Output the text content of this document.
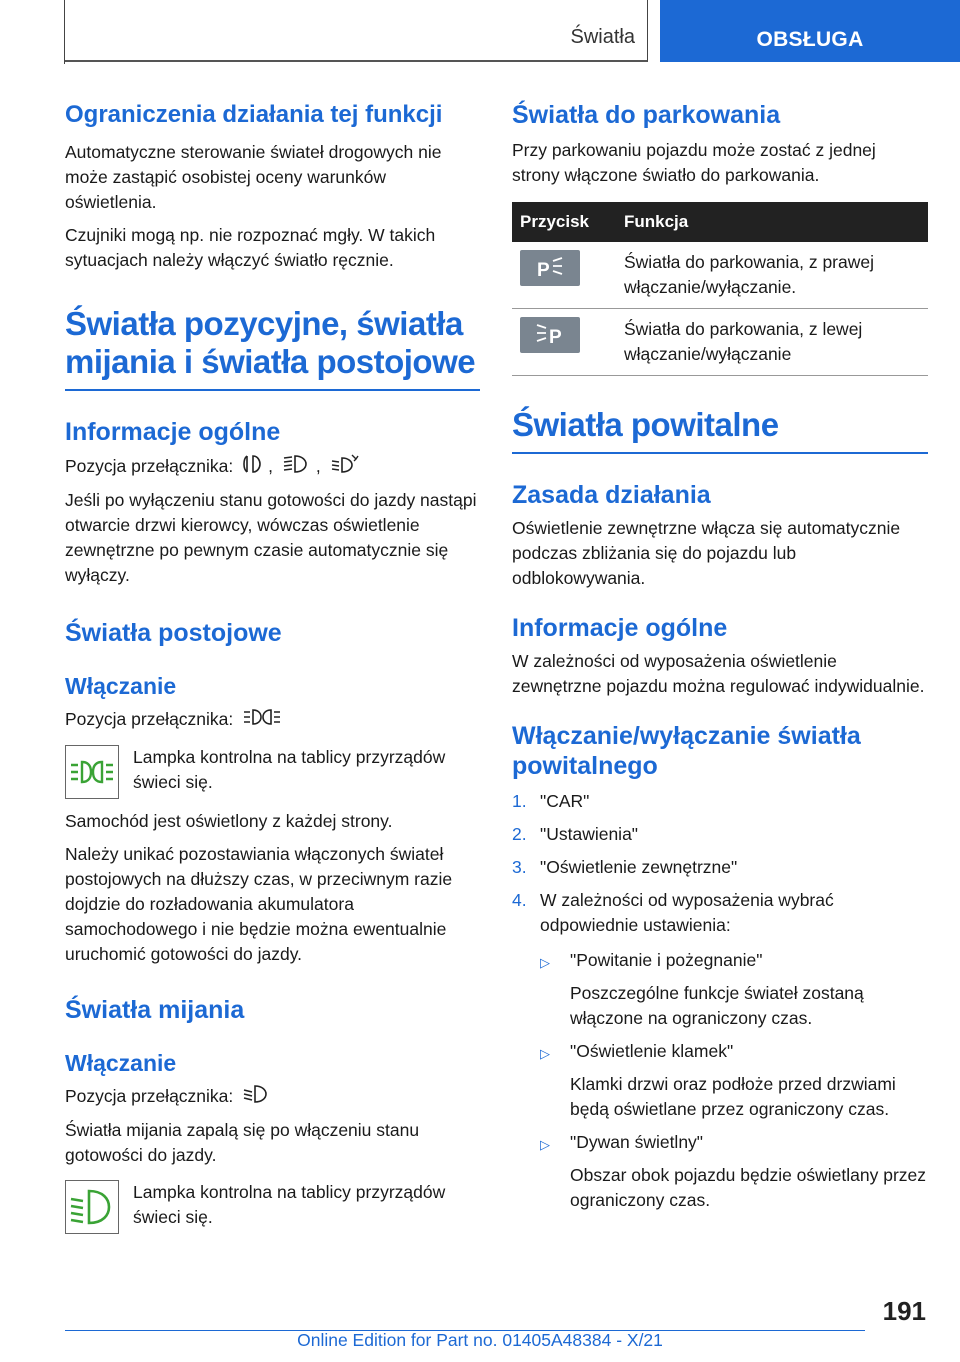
Światła	OBSŁUGA
Ograniczenia działania tej funkcji

Automatyczne sterowanie świateł drogowych nie może zastąpić osobistej oceny warunków oświetlenia.

Czujniki mogą np. nie rozpoznać mgły. W takich sytuacjach należy włączyć światło ręcznie.

Światła pozycyjne, światła mijania i światła postojowe
Informacje ogólne

Pozycja przełącznika: , ,

Jeśli po wyłączeniu stanu gotowości do jazdy nastąpi otwarcie drzwi kierowcy, wówczas oświetlenie zewnętrzne po pewnym czasie automatycznie się wyłączy.

Światła postojowe
Włączanie

Pozycja przełącznika:

Lampka kontrolna na tablicy przyrządów świeci się.

Samochód jest oświetlony z każdej strony.

Należy unikać pozostawiania włączonych świateł postojowych na dłuższy czas, w przeciwnym razie dojdzie do rozładowania akumulatora samochodowego i nie będzie można ewentualnie uruchomić gotowości do jazdy.

Światła mijania
Włączanie

Pozycja przełącznika:

Światła mijania zapalą się po włączeniu stanu gotowości do jazdy.

Lampka kontrolna na tablicy przyrządów świeci się.
Światła do parkowania

Przy parkowaniu pojazdu może zostać z jednej strony włączone światło do parkowania.

Przycisk	Funkcja

P	Światła do parkowania, z prawej włączanie/wyłączanie.

P	Światła do parkowania, z lewej włączanie/wyłączanie
Światła powitalne
Zasada działania

Oświetlenie zewnętrzne włącza się automatycznie podczas zbliżania się do pojazdu lub odblokowywania.

Informacje ogólne

W zależności od wyposażenia oświetlenie zewnętrzne pojazdu można regulować indywidualnie.

Włączanie/wyłączanie światła powitalnego
1. "CAR"
2. "Ustawienia"
3. "Oświetlenie zewnętrzne"
4. W zależności od wyposażenia wybrać odpowiednie ustawienia:
▷	"Powitanie i pożegnanie"
Poszczególne funkcje świateł zostaną włączone na ograniczony czas.
▷	"Oświetlenie klamek"
Klamki drzwi oraz podłoże przed drzwiami będą oświetlane przez ograniczony czas.
▷	"Dywan świetlny"
Obszar obok pojazdu będzie oświetlany przez ograniczony czas.
191
Online Edition for Part no. 01405A48384 - X/21
